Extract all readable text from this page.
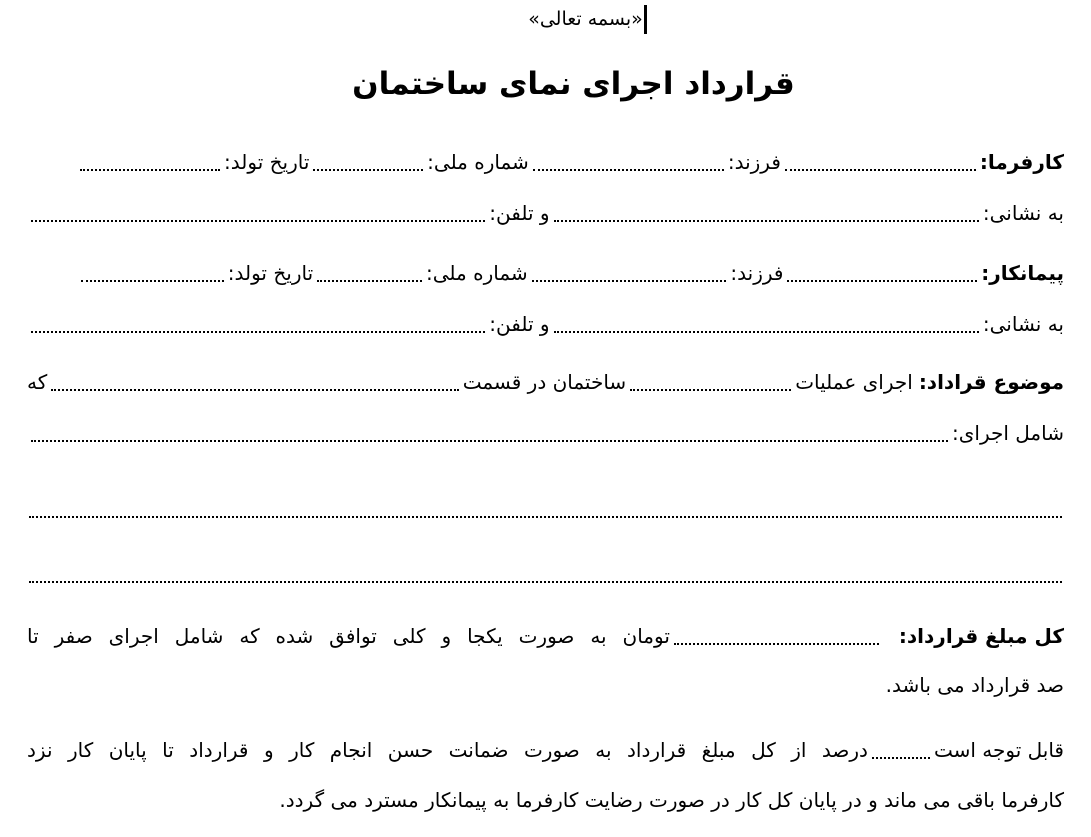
«بسمه تعالی»
قرارداد اجرای نمای ساختمان
کارفرما:
فرزند:
شماره ملی:
تاریخ تولد:
به نشانی:
و تلفن:
پیمانکار:
فرزند:
شماره ملی:
تاریخ تولد:
به نشانی:
و تلفن:
موضوع قراداد:
اجرای عملیات
ساختمان در قسمت
که
شامل اجرای:
کل مبلغ قرارداد:
تومان به صورت یکجا و کلی توافق شده که شامل اجرای صفر تا
صد قرارداد می باشد.
قابل توجه است
درصد از کل مبلغ قرارداد به صورت ضمانت حسن انجام کار و قرارداد تا پایان کار نزد
کارفرما باقی می ماند و در پایان کل کار در صورت رضایت کارفرما به پیمانکار مسترد می گردد.
